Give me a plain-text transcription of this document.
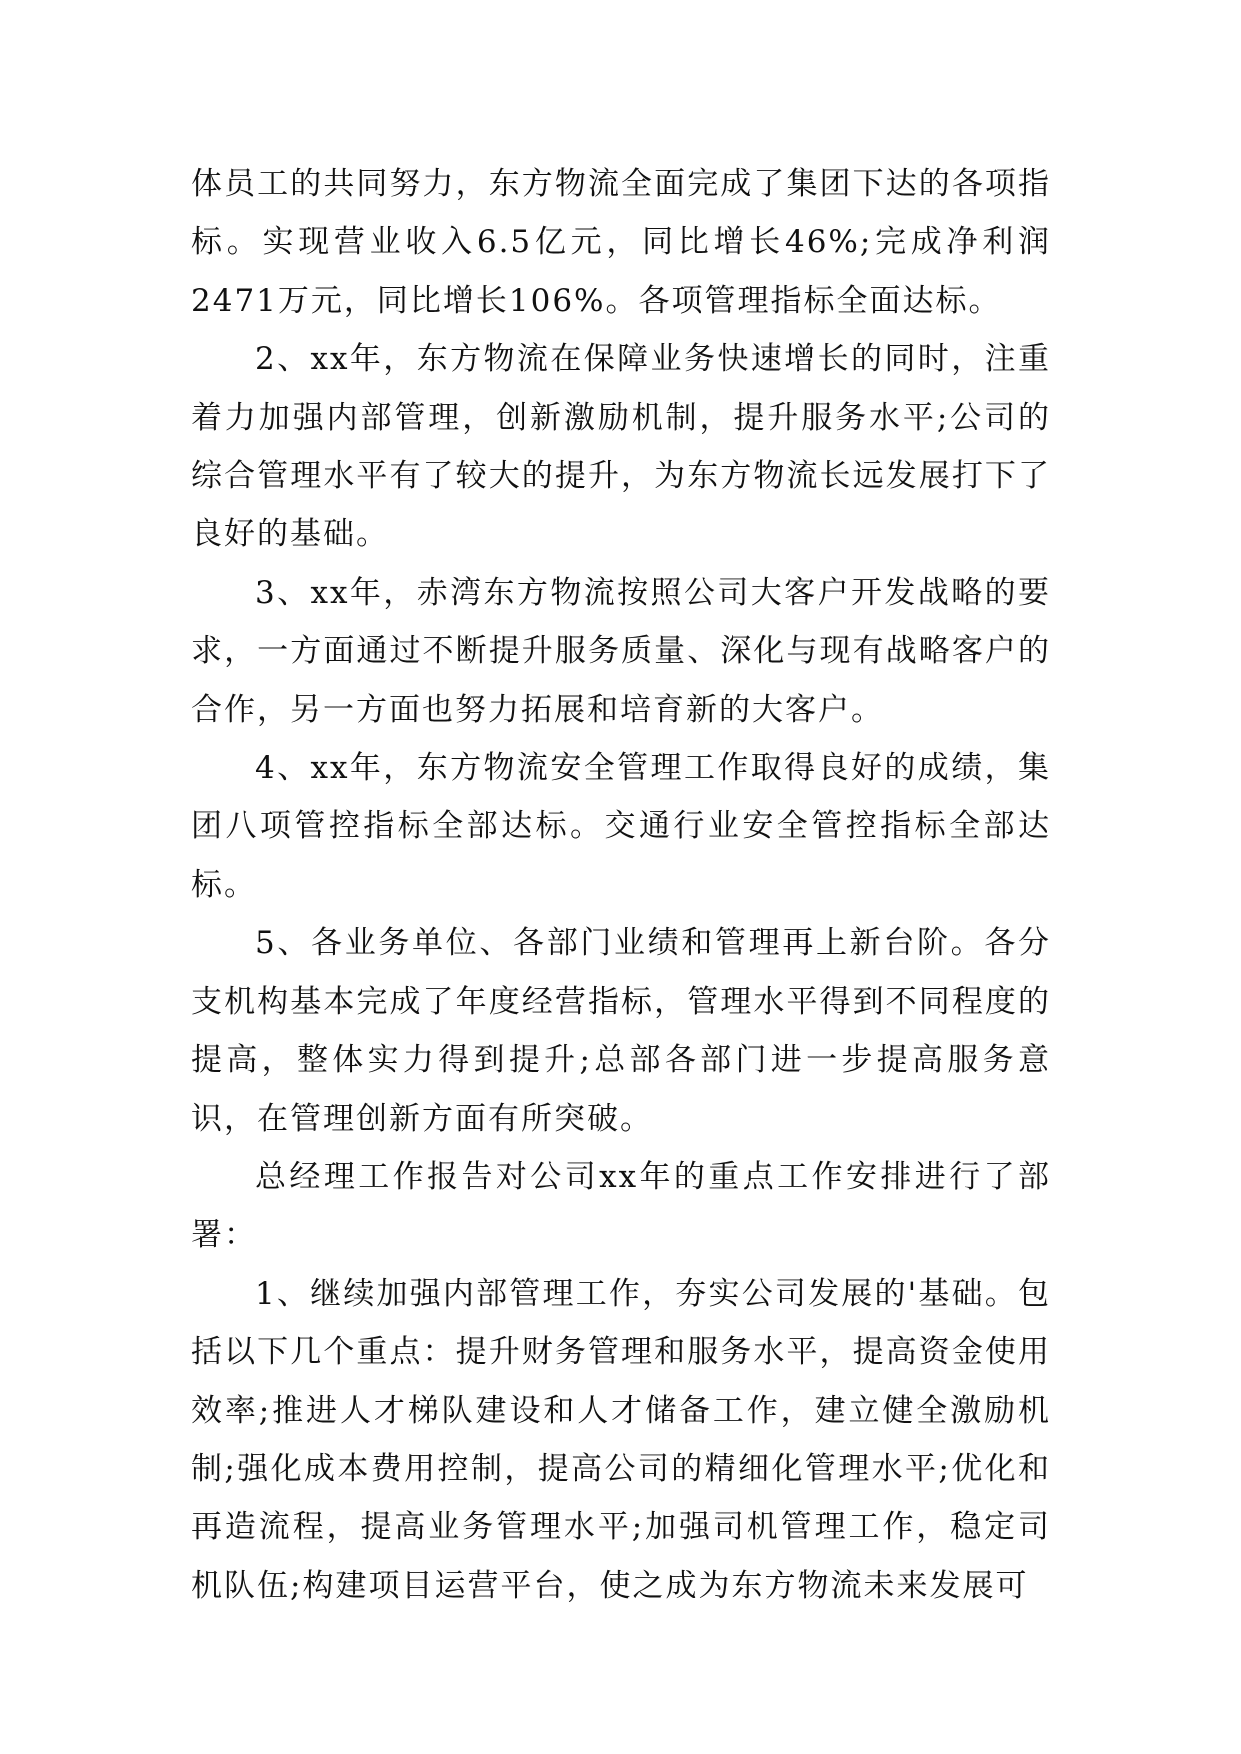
体员工的共同努力，东方物流全面完成了集团下达的各项指标。实现营业收入6.5亿元，同比增长46%;完成净利润2471万元，同比增长106%。各项管理指标全面达标。

2、xx年，东方物流在保障业务快速增长的同时，注重着力加强内部管理，创新激励机制，提升服务水平;公司的综合管理水平有了较大的提升，为东方物流长远发展打下了良好的基础。

3、xx年，赤湾东方物流按照公司大客户开发战略的要求，一方面通过不断提升服务质量、深化与现有战略客户的合作，另一方面也努力拓展和培育新的大客户。

4、xx年，东方物流安全管理工作取得良好的成绩，集团八项管控指标全部达标。交通行业安全管控指标全部达标。

5、各业务单位、各部门业绩和管理再上新台阶。各分支机构基本完成了年度经营指标，管理水平得到不同程度的提高，整体实力得到提升;总部各部门进一步提高服务意识，在管理创新方面有所突破。

总经理工作报告对公司xx年的重点工作安排进行了部署：

1、继续加强内部管理工作，夯实公司发展的'基础。包括以下几个重点：提升财务管理和服务水平，提高资金使用效率;推进人才梯队建设和人才储备工作，建立健全激励机制;强化成本费用控制，提高公司的精细化管理水平;优化和再造流程，提高业务管理水平;加强司机管理工作，稳定司机队伍;构建项目运营平台，使之成为东方物流未来发展可
